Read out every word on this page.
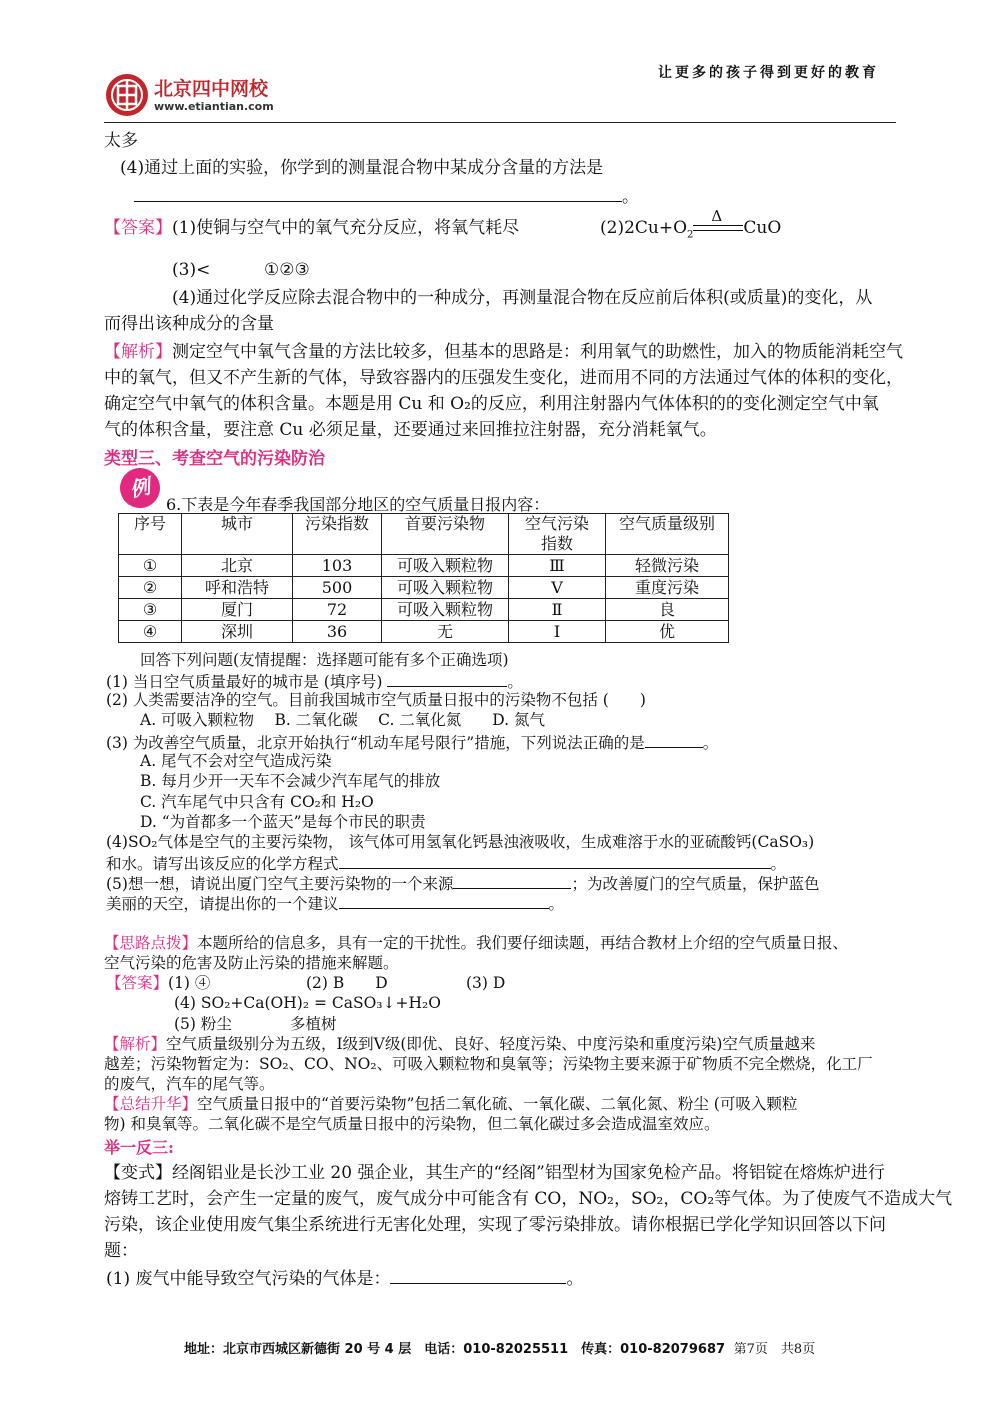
让更多的孩子得到更好的教育
北京四中网校
www.etiantian.com
太多
(4)通过上面的实验，你学到的测量混合物中某成分含量的方法是
。
【答案】(1)使铜与空气中的氧气充分反应，将氧气耗尽	$(2)2Cu+O_2$
Δ
CuO
(3)<	①②③
(4)通过化学反应除去混合物中的一种成分，再测量混合物在反应前后体积(或质量)的变化，从
而得出该种成分的含量
【解析】测定空气中氧气含量的方法比较多，但基本的思路是：利用氧气的助燃性，加入的物质能消耗空气
中的氧气，但又不产生新的气体，导致容器内的压强发生变化，进而用不同的方法通过气体的体积的变化，
确定空气中氧气的体积含量。本题是用 Cu 和 O₂的反应，利用注射器内气体体积的的变化测定空气中氧
气的体积含量，要注意 Cu 必须足量，还要通过来回推拉注射器，充分消耗氧气。
类型三、考查空气的污染防治
例
6.下表是今年春季我国部分地区的空气质量日报内容：
序号	城市	污染指数	首要污染物	空气污染
指数	空气质量级别
①	北京	103	可吸入颗粒物	Ⅲ	轻微污染
②	呼和浩特	500	可吸入颗粒物	V	重度污染
③	厦门	72	可吸入颗粒物	Ⅱ	良
④	深圳	36	无	Ⅰ	优
回答下列问题(友情提醒：选择题可能有多个正确选项)
(1) 当日空气质量最好的城市是 (填序号)	。
(2) 人类需要洁净的空气。目前我国城市空气质量日报中的污染物不包括 (　　)
A. 可吸入颗粒物　 B. 二氧化碳　 C. 二氧化氮　　D. 氮气
(3) 为改善空气质量，北京开始执行“机动车尾号限行”措施，下列说法正确的是	。
A. 尾气不会对空气造成污染
B. 每月少开一天车不会减少汽车尾气的排放
C. 汽车尾气中只含有 CO₂和 H₂O
D. “为首都多一个蓝天”是每个市民的职责
(4)SO₂气体是空气的主要污染物， 该气体可用氢氧化钙悬浊液吸收，生成难溶于水的亚硫酸钙(CaSO₃)
和水。请写出该反应的化学方程式	。
(5)想一想，请说出厦门空气主要污染物的一个来源	；为改善厦门的空气质量，保护蓝色
美丽的天空，请提出你的一个建议	。
【思路点拨】本题所给的信息多，具有一定的干扰性。我们要仔细读题，再结合教材上介绍的空气质量日报、
空气污染的危害及防止污染的措施来解题。
【答案】(1) ④	(2) B　　D	(3) D
(4) SO₂+Ca(OH)₂ = CaSO₃↓+H₂O
(5) 粉尘	多植树
【解析】空气质量级别分为五级，Ⅰ级到Ⅴ级(即优、良好、轻度污染、中度污染和重度污染)空气质量越来
越差；污染物暂定为：SO₂、CO、NO₂、可吸入颗粒物和臭氧等；污染物主要来源于矿物质不完全燃烧，化工厂
的废气，汽车的尾气等。
【总结升华】空气质量日报中的“首要污染物”包括二氧化硫、一氧化碳、二氧化氮、粉尘 (可吸入颗粒
物) 和臭氧等。二氧化碳不是空气质量日报中的污染物，但二氧化碳过多会造成温室效应。
举一反三:
【变式】经阁铝业是长沙工业 20 强企业，其生产的“经阁”铝型材为国家免检产品。将铝锭在熔炼炉进行
熔铸工艺时，会产生一定量的废气，废气成分中可能含有 CO，NO₂，SO₂，CO₂等气体。为了使废气不造成大气
污染，该企业使用废气集尘系统进行无害化处理，实现了零污染排放。请你根据已学化学知识回答以下问
题：
(1) 废气中能导致空气污染的气体是：	。
地址：北京市西城区新德街 20 号 4 层　电话：010-82025511　传真：010-82079687 第7页　共8页
